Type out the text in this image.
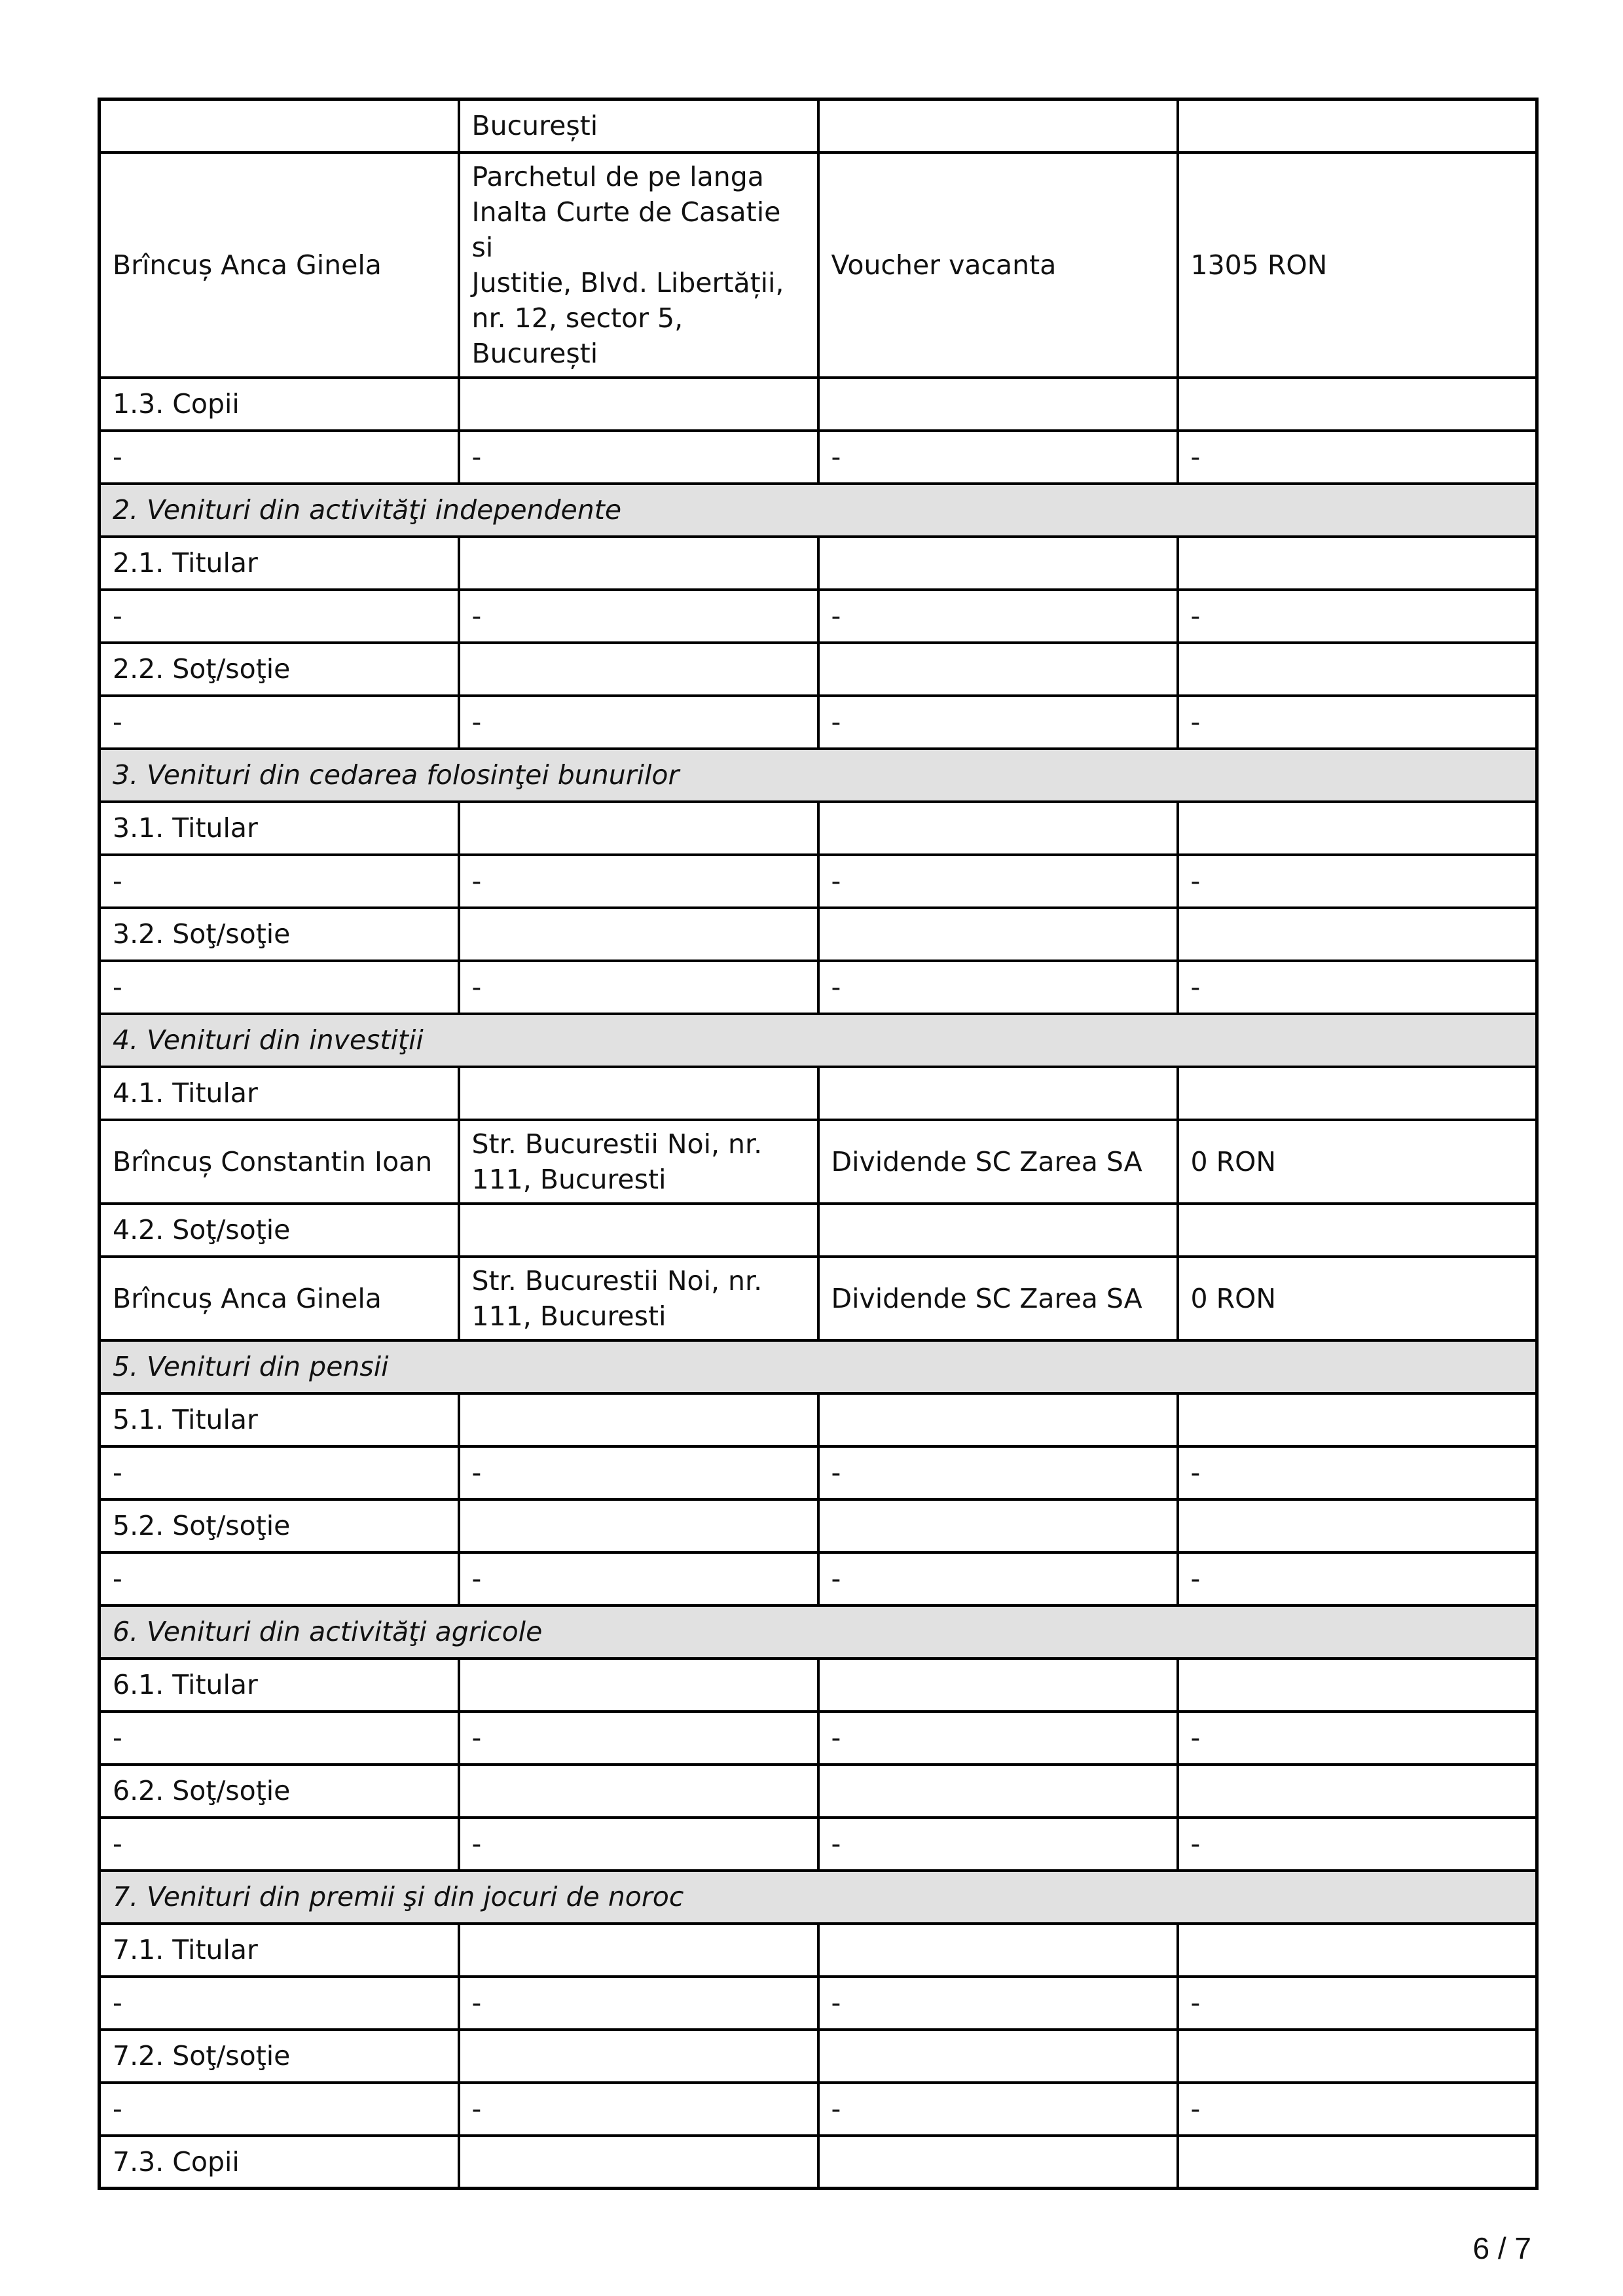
	București		
Brîncuș Anca Ginela	Parchetul de pe langa
Inalta Curte de Casatie si
Justitie, Blvd. Libertății,
nr. 12, sector 5,
București	Voucher vacanta	1305 RON
1.3. Copii			
-	-	-	-
2. Venituri din activităţi independente			
2.1. Titular			
-	-	-	-
2.2. Soţ/soţie			
-	-	-	-
3. Venituri din cedarea folosinţei bunurilor			
3.1. Titular			
-	-	-	-
3.2. Soţ/soţie			
-	-	-	-
4. Venituri din investiţii			
4.1. Titular			
Brîncuș Constantin Ioan	Str. Bucurestii Noi, nr.
111, Bucuresti	Dividende SC Zarea SA	0 RON
4.2. Soţ/soţie			
Brîncuș Anca Ginela	Str. Bucurestii Noi, nr.
111, Bucuresti	Dividende SC Zarea SA	0 RON
5. Venituri din pensii			
5.1. Titular			
-	-	-	-
5.2. Soţ/soţie			
-	-	-	-
6. Venituri din activităţi agricole			
6.1. Titular			
-	-	-	-
6.2. Soţ/soţie			
-	-	-	-
7. Venituri din premii şi din jocuri de noroc			
7.1. Titular			
-	-	-	-
7.2. Soţ/soţie			
-	-	-	-
7.3. Copii			
6 / 7
